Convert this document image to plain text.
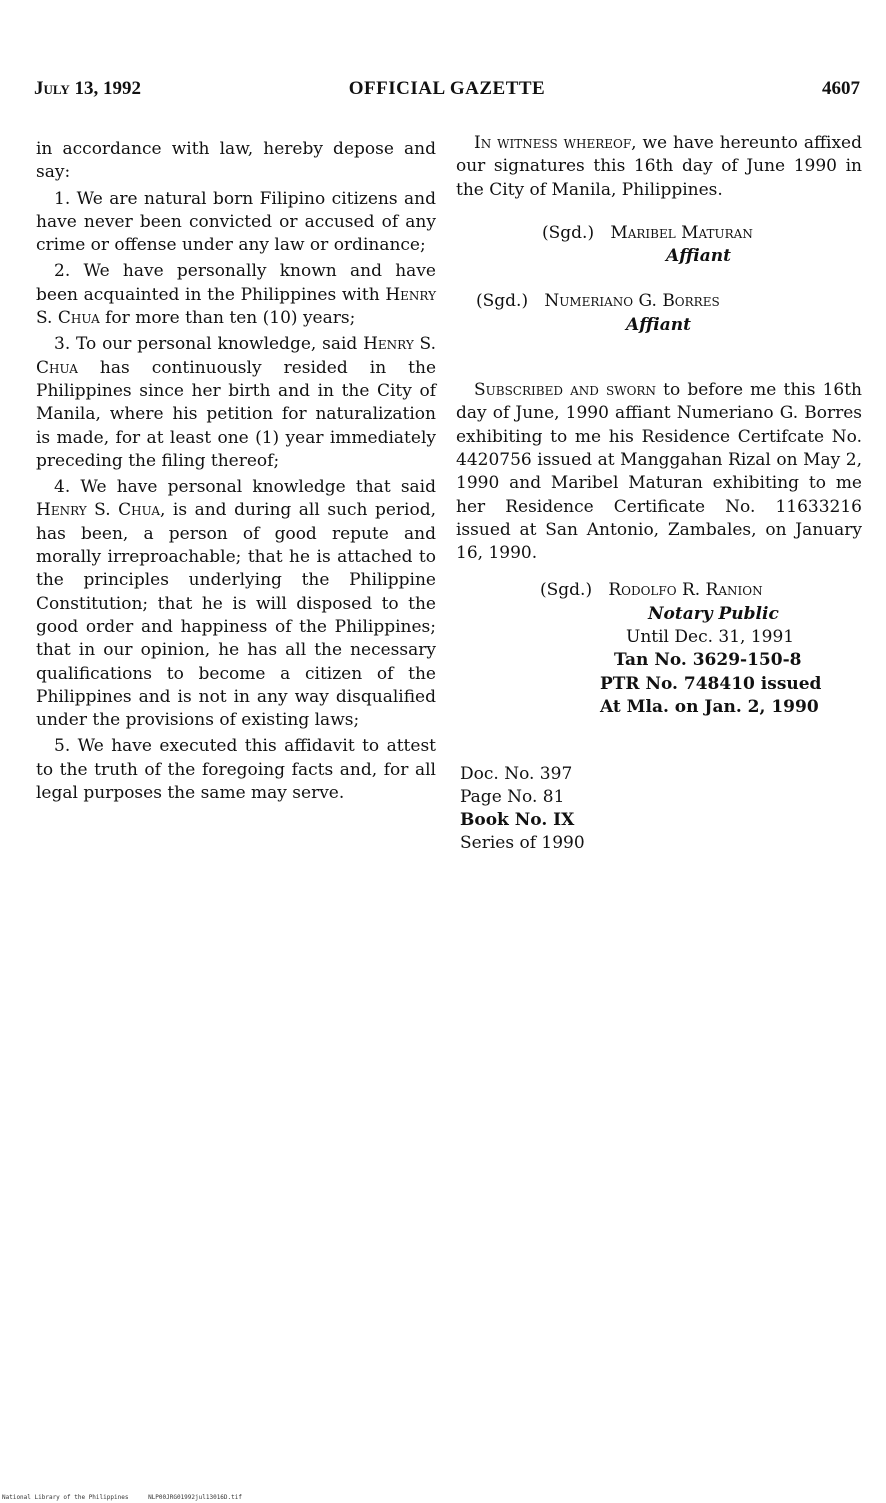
July 13, 1992	OFFICIAL GAZETTE	4607

in accordance with law, hereby depose and say:

1. We are natural born Filipino citizens and have never been convicted or accused of any crime or offense under any law or ordinance;

2. We have personally known and have been acquainted in the Philippines with Henry S. Chua for more than ten (10) years;

3. To our personal knowledge, said Henry S. Chua has continuously resided in the Philippines since her birth and in the City of Manila, where his petition for naturalization is made, for at least one (1) year immediately preceding the filing thereof;

4. We have personal knowledge that said Henry S. Chua, is and during all such period, has been, a person of good repute and morally irreproachable; that he is attached to the principles underlying the Philippine Constitution; that he is will disposed to the good order and happiness of the Philippines; that in our opinion, he has all the necessary qualifications to become a citizen of the Philippines and is not in any way disqualified under the provisions of existing laws;

5. We have executed this affidavit to attest to the truth of the foregoing facts and, for all legal purposes the same may serve.

In witness whereof, we have hereunto affixed our signatures this 16th day of June 1990 in the City of Manila, Philippines.

(Sgd.) Maribel Maturan
Affiant
(Sgd.) Numeriano G. Borres
Affiant

Subscribed and sworn to before me this 16th day of June, 1990 affiant Numeriano G. Borres exhibiting to me his Residence Certifcate No. 4420756 issued at Manggahan Rizal on May 2, 1990 and Maribel Maturan exhibiting to me her Residence Certificate No. 11633216 issued at San Antonio, Zambales, on January 16, 1990.

(Sgd.) Rodolfo R. Ranion
Notary Public
Until Dec. 31, 1991
Tan No. 3629-150-8
PTR No. 748410 issued
At Mla. on Jan. 2, 1990
Doc. No. 397
Page No. 81
Book No. IX
Series of 1990
National Library of the Philippines	NLP00JRG01992jul13016D.tif
